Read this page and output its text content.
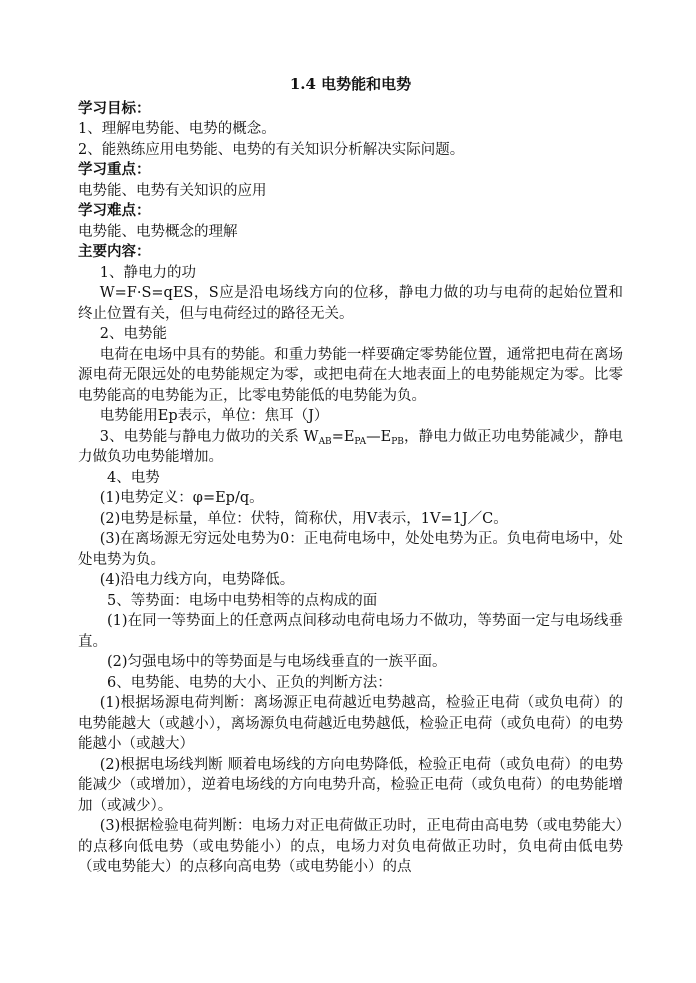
1.4 电势能和电势

学习目标：

1、理解电势能、电势的概念。

2、能熟练应用电势能、电势的有关知识分析解决实际问题。

学习重点：

电势能、电势有关知识的应用

学习难点：

电势能、电势概念的理解

主要内容：

1、静电力的功

W=F·S=qES，S应是沿电场线方向的位移，静电力做的功与电荷的起始位置和终止位置有关，但与电荷经过的路径无关。

2、电势能

电荷在电场中具有的势能。和重力势能一样要确定零势能位置，通常把电荷在离场源电荷无限远处的电势能规定为零，或把电荷在大地表面上的电势能规定为零。比零电势能高的电势能为正，比零电势能低的电势能为负。

电势能用Ep表示，单位：焦耳（J）

3、电势能与静电力做功的关系 $W_{AB}=E_{PA}—E_{PB}$，静电力做正功电势能减少，静电力做负功电势能增加。

4、电势

(1)电势定义：φ=Ep/q。

(2)电势是标量，单位：伏特，简称伏，用V表示，1V=1J／C。

(3)在离场源无穷远处电势为0：正电荷电场中，处处电势为正。负电荷电场中，处处电势为负。

(4)沿电力线方向，电势降低。

5、等势面：电场中电势相等的点构成的面

(1)在同一等势面上的任意两点间移动电荷电场力不做功，等势面一定与电场线垂直。

(2)匀强电场中的等势面是与电场线垂直的一族平面。

6、电势能、电势的大小、正负的判断方法：

(1)根据场源电荷判断：离场源正电荷越近电势越高，检验正电荷（或负电荷）的电势能越大（或越小），离场源负电荷越近电势越低，检验正电荷（或负电荷）的电势能越小（或越大）

(2)根据电场线判断 顺着电场线的方向电势降低，检验正电荷（或负电荷）的电势能减少（或增加），逆着电场线的方向电势升高，检验正电荷（或负电荷）的电势能增加（或减少）。

(3)根据检验电荷判断：电场力对正电荷做正功时，正电荷由高电势（或电势能大）的点移向低电势（或电势能小）的点，电场力对负电荷做正功时，负电荷由低电势（或电势能大）的点移向高电势（或电势能小）的点
